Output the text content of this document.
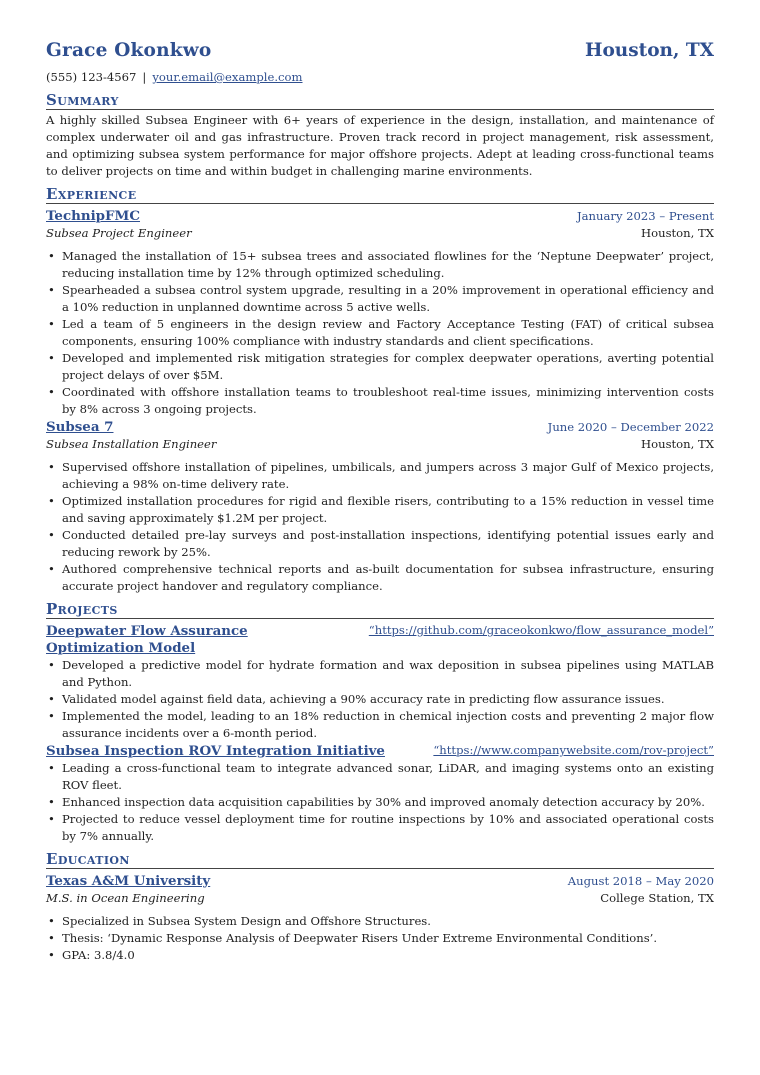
Grace Okonkwo	Houston, TX
(555) 123-4567 | your.email@example.com
Summary

A highly skilled Subsea Engineer with 6+ years of experience in the design, installation, and maintenance of complex underwater oil and gas infrastructure. Proven track record in project management, risk assessment, and optimizing subsea system performance for major offshore projects. Adept at leading cross-functional teams to deliver projects on time and within budget in challenging marine environments.

Experience
TechnipFMC	January 2023 – Present
Subsea Project Engineer	Houston, TX
• Managed the installation of 15+ subsea trees and associated flowlines for the ‘Neptune Deepwater’ project, reducing installation time by 12% through optimized scheduling.
• Spearheaded a subsea control system upgrade, resulting in a 20% improvement in operational efficiency and a 10% reduction in unplanned downtime across 5 active wells.
• Led a team of 5 engineers in the design review and Factory Acceptance Testing (FAT) of critical subsea components, ensuring 100% compliance with industry standards and client specifications.
• Developed and implemented risk mitigation strategies for complex deepwater operations, averting potential project delays of over $5M.
• Coordinated with offshore installation teams to troubleshoot real-time issues, minimizing intervention costs by 8% across 3 ongoing projects.
Subsea 7	June 2020 – December 2022
Subsea Installation Engineer	Houston, TX
• Supervised offshore installation of pipelines, umbilicals, and jumpers across 3 major Gulf of Mexico projects, achieving a 98% on-time delivery rate.
• Optimized installation procedures for rigid and flexible risers, contributing to a 15% reduction in vessel time and saving approximately $1.2M per project.
• Conducted detailed pre-lay surveys and post-installation inspections, identifying potential issues early and reducing rework by 25%.
• Authored comprehensive technical reports and as-built documentation for subsea infrastructure, ensuring accurate project handover and regulatory compliance.
Projects
Deepwater Flow Assurance Optimization Model
“https://github.com/graceokonkwo/flow_assurance_model”
• Developed a predictive model for hydrate formation and wax deposition in subsea pipelines using MATLAB and Python.
• Validated model against field data, achieving a 90% accuracy rate in predicting flow assurance issues.
• Implemented the model, leading to an 18% reduction in chemical injection costs and preventing 2 major flow assurance incidents over a 6-month period.
Subsea Inspection ROV Integration Initiative	“https://www.companywebsite.com/rov-project”
• Leading a cross-functional team to integrate advanced sonar, LiDAR, and imaging systems onto an existing ROV fleet.
• Enhanced inspection data acquisition capabilities by 30% and improved anomaly detection accuracy by 20%.
• Projected to reduce vessel deployment time for routine inspections by 10% and associated operational costs by 7% annually.
Education
Texas A&M University	August 2018 – May 2020
M.S. in Ocean Engineering	College Station, TX
• Specialized in Subsea System Design and Offshore Structures.
• Thesis: ‘Dynamic Response Analysis of Deepwater Risers Under Extreme Environmental Conditions’.
• GPA: 3.8/4.0
